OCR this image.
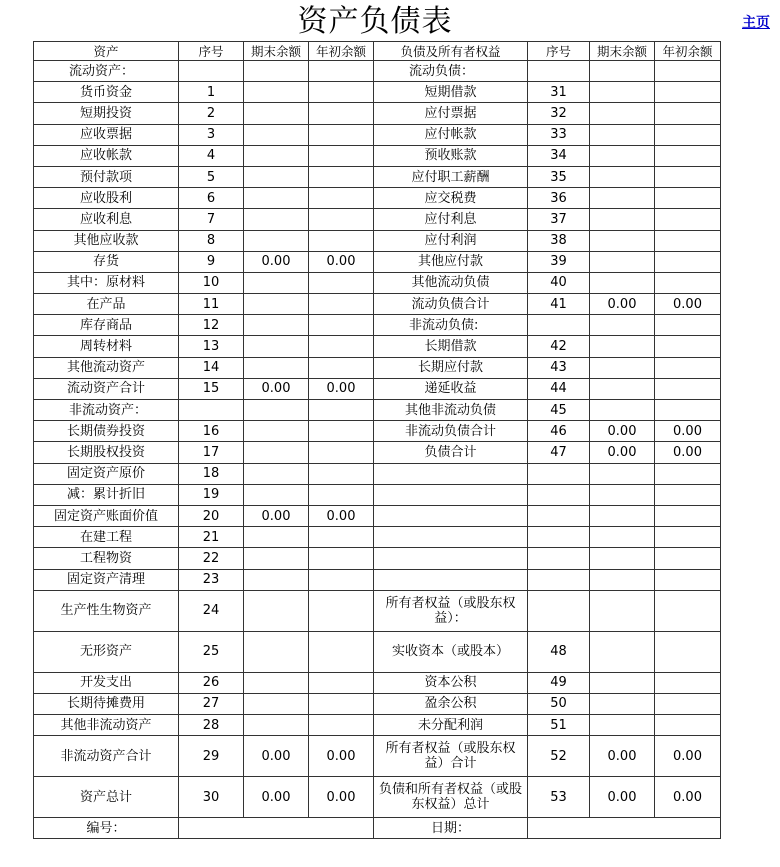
资产负债表	主页
资产	序号	期末余额	年初余额	负债及所有者权益	序号	期末余额	年初余额
流动资产：				流动负债：			
货币资金	1			短期借款	31		
短期投资	2			应付票据	32		
应收票据	3			应付帐款	33		
应收帐款	4			预收账款	34		
预付款项	5			应付职工薪酬	35		
应收股利	6			应交税费	36		
应收利息	7			应付利息	37		
其他应收款	8			应付利润	38		
存货	9	0.00	0.00	其他应付款	39		
其中：原材料	10			其他流动负债	40		
在产品	11			流动负债合计	41	0.00	0.00
库存商品	12			非流动负债:			
周转材料	13			长期借款	42		
其他流动资产	14			长期应付款	43		
流动资产合计	15	0.00	0.00	递延收益	44		
非流动资产：				其他非流动负债	45		
长期债券投资	16			非流动负债合计	46	0.00	0.00
长期股权投资	17			负债合计	47	0.00	0.00
固定资产原价	18						
减：累计折旧	19						
固定资产账面价值	20	0.00	0.00				
在建工程	21						
工程物资	22						
固定资产清理	23						
生产性生物资产	24			所有者权益（或股东权益）：			
无形资产	25			实收资本（或股本）	48		
开发支出	26			资本公积	49		
长期待摊费用	27			盈余公积	50		
其他非流动资产	28			未分配利润	51		
非流动资产合计	29	0.00	0.00	所有者权益（或股东权益）合计	52	0.00	0.00
资产总计	30	0.00	0.00	负债和所有者权益（或股东权益）总计	53	0.00	0.00
编号：				日期：			
